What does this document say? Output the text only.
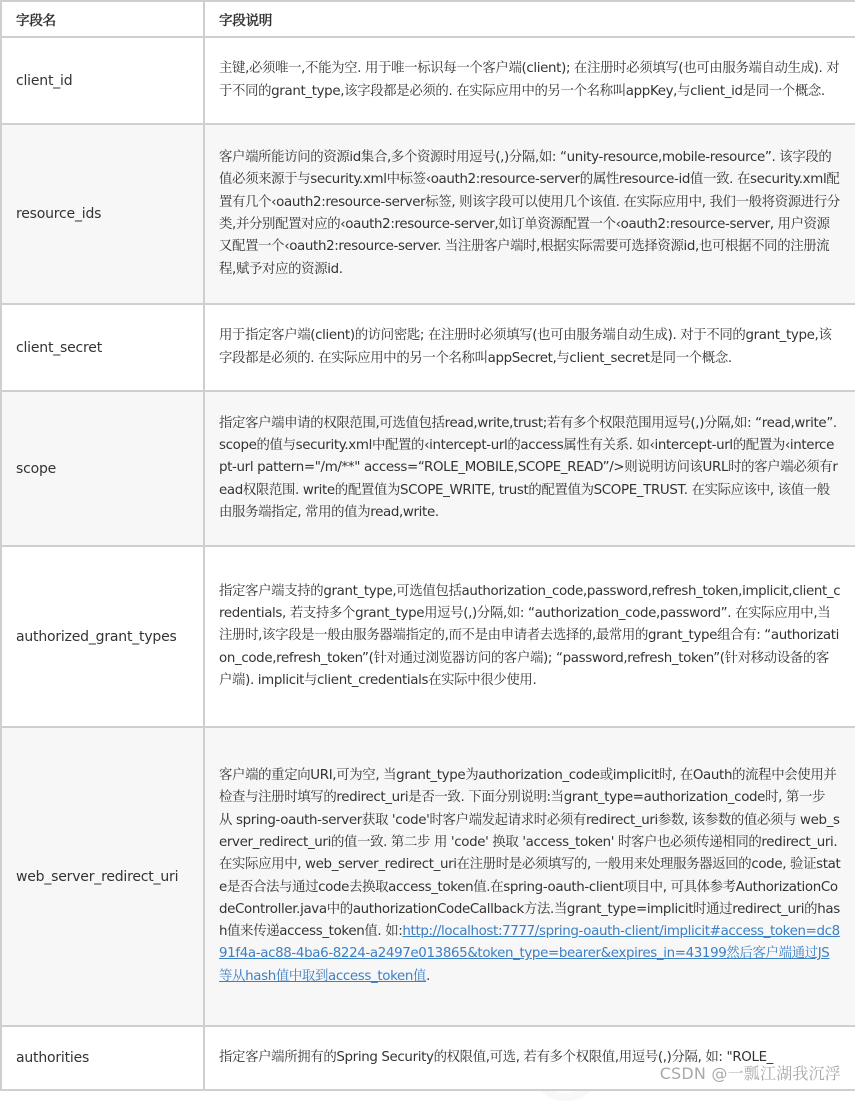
字段名	字段说明
client_id	主键,必须唯一,不能为空. 用于唯一标识每一个客户端(client); 在注册时必须填写(也可由服务端自动生成). 对于不同的grant_type,该字段都是必须的. 在实际应用中的另一个名称叫appKey,与client_id是同一个概念.
resource_ids	客户端所能访问的资源id集合,多个资源时用逗号(,)分隔,如: “unity-resource,mobile-resource”. 该字段的值必须来源于与security.xml中标签‹oauth2:resource-server的属性resource-id值一致. 在security.xml配置有几个‹oauth2:resource-server标签, 则该字段可以使用几个该值. 在实际应用中, 我们一般将资源进行分类,并分别配置对应的‹oauth2:resource-server,如订单资源配置一个‹oauth2:resource-server, 用户资源又配置一个‹oauth2:resource-server. 当注册客户端时,根据实际需要可选择资源id,也可根据不同的注册流程,赋予对应的资源id.
client_secret	用于指定客户端(client)的访问密匙; 在注册时必须填写(也可由服务端自动生成). 对于不同的grant_type,该字段都是必须的. 在实际应用中的另一个名称叫appSecret,与client_secret是同一个概念.
scope	指定客户端申请的权限范围,可选值包括read,write,trust;若有多个权限范围用逗号(,)分隔,如: “read,write”. scope的值与security.xml中配置的‹intercept-url的access属性有关系. 如‹intercept-url的配置为‹intercept-url pattern="/m/**" access=“ROLE_MOBILE,SCOPE_READ”/>则说明访问该URL时的客户端必须有read权限范围. write的配置值为SCOPE_WRITE, trust的配置值为SCOPE_TRUST. 在实际应该中, 该值一般由服务端指定, 常用的值为read,write.
authorized_grant_types	指定客户端支持的grant_type,可选值包括authorization_code,password,refresh_token,implicit,client_credentials, 若支持多个grant_type用逗号(,)分隔,如: “authorization_code,password”. 在实际应用中,当注册时,该字段是一般由服务器端指定的,而不是由申请者去选择的,最常用的grant_type组合有: “authorization_code,refresh_token”(针对通过浏览器访问的客户端); “password,refresh_token”(针对移动设备的客户端). implicit与client_credentials在实际中很少使用.
web_server_redirect_uri	客户端的重定向URI,可为空, 当grant_type为authorization_code或implicit时, 在Oauth的流程中会使用并检查与注册时填写的redirect_uri是否一致. 下面分别说明:当grant_type=authorization_code时, 第一步 从 spring-oauth-server获取 'code'时客户端发起请求时必须有redirect_uri参数, 该参数的值必须与 web_server_redirect_uri的值一致. 第二步 用 'code' 换取 'access_token' 时客户也必须传递相同的redirect_uri. 在实际应用中, web_server_redirect_uri在注册时是必须填写的, 一般用来处理服务器返回的code, 验证state是否合法与通过code去换取access_token值.在spring-oauth-client项目中, 可具体参考AuthorizationCodeController.java中的authorizationCodeCallback方法.当grant_type=implicit时通过redirect_uri的hash值来传递access_token值. 如:http://localhost:7777/spring-oauth-client/implicit#access_token=dc891f4a-ac88-4ba6-8224-a2497e013865&token_type=bearer&expires_in=43199然后客户端通过JS等从hash值中取到access_token值.
authorities	指定客户端所拥有的Spring Security的权限值,可选, 若有多个权限值,用逗号(,)分隔, 如: "ROLE_
CSDN @一瓢江湖我沉浮
